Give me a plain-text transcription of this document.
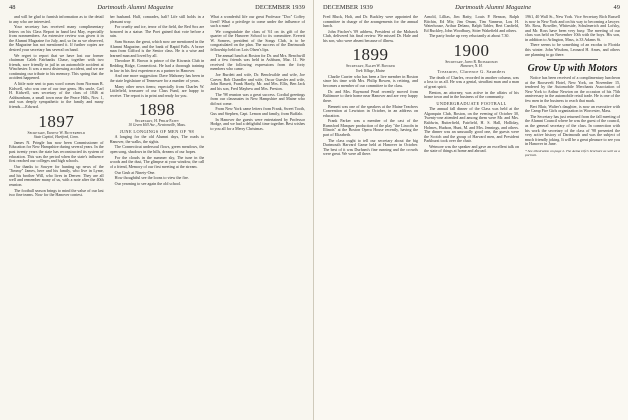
48	Dartmouth Alumni Magazine	DECEMBER 1939

and will be glad to furnish information as to the detail to any who are interested.

Your secretary has received many complimentary letters on his Class Report in hand last May, especially from nonmembers. An extensive review was given it in the Alumni Magazine for July, and, so far as we observed, the Magazine has not mentioned it. If further copies are desired your secretary has several on hand.

We regret to report that we have lost our former chairman Caleb Fairbanks Chase, together with two friends, sore friendly in jail in an automobile accident at Winchester. It was a most distressing accident, and we are continuing our tribute to his memory. This spring that the accident happened.

A little note sent to pass word comes from Norman B. Kidwell, who was one of our true gems. His uncle, Carl H. Kidwell, was secretary of the class of 1846 at Ashburnham, a small town near the Peace Hills, Nov. 1, and was deeply sympathetic to the family and many friends.—Edward.

1897
Secretary, Ernest W. Butterfield
State Capitol, Hartford, Conn.

James N. Pringle has now been Commissioner of Education for New Hampshire during several years. In the past twenty years the state has reconstructed its system of education. This was the period when the state's influence first reached our colleges and high schools.

Our thanks to Sawyer for hunting up news of the "Jimmy" James, here and his family, who live in Lyme, and his brother Will, who lives in Denver. They are all well and remember many of us, with a note after the 40th reunion.

The football season brings to mind the value of our last two fine teams. Now for the Hanover contest.

her husband. Half, comrades, half! Life still holds in a pleasant way.

For cruelty and ice, terror of the field, the Red Sox are honored in a statue. The Poet gained that vote before a rain.

Sam Strauss the great, which now are mentioned in the Alumni Magazine, and the bank of Rapid Falls. A brave man from Gifford is the Senior class. He is a wise and learned man and loved by all.

Theodore H. Brown is prince of the Kiwanis Club in Redding Ridge, Connecticut. He had a thorough training in law in his first experience as a partner in Hanover.

And one more suggestion: Dave Mahoney has been in the state legislature of Tennessee for a number of years.

Many other news items; especially from Charles W. Littlefield, treasurer of our Class Fund, are happy to receive. The report is in print and ready for you.

1898
Secretary, H. Philip Patey
10 Green Hill Ave., Newtonville, Mass.
JUNE LONGINGS OF MEN OF '98

A longing for the old Alumni days, The roads to Hanover, the walks, the sights.

The Connecticut undersoul flows, green meadows, the open song, shadows in the hills, dreams of our hopes.

For the clouds in the summer sky, The tune in the woods and the dust, The glimpse at your window, the call of a friend, Memory of our first meeting at the stream.

Our Grub at Ninety-One.

How thoughtful see the loons to view the fire.

Our yearning to see again the old school.

What a wonderful life our great Professor "Doc" Coffey lived! What a privilege to come under the influence of such a man!

We congratulate the class of '61 on its gift of the quarter of the Hanover School to its committee. Everett W. Somers, president of the Songs Club, is to be congratulated on the plan. The success of the Dartmouth fellowship held on Lois Olsen's lips.

The annual lunch at Boston for Dr. and Mrs. Benchwill and a few friends was held in Ashburn, Mar. 11. We received the following expressions from the forty members who came.

Joe Burdett and wife, Dr. Benchwilde and wife, Joe Carver, Bob Chandler and wife, Oscar Guesler and wife, John Bassett, Frank Hardy, Mr. and Mrs. Ellis, Ben Jack and his son, Fred Mayhew and Mrs. Preston.

The '98 reunion was a great success. Cordial greetings from our classmates in New Hampshire and Maine who did not come.

From New York came letters from Frank, Sweet Tooth, Gus and Stephen, Capt. Lemon and family, from Buffalo.

In Hanover the guests were entertained by Professor Hodge, and we had a delightful time together. Best wishes to you all for a Merry Christmas.

DECEMBER 1939	Dartmouth Alumni Magazine	49

Fred Bluck, Holt, and Dr. Buckley were appointed the committee in charge of the arrangements for the annual lunch.

John Fischer's '09 address, President of the Mohawk Club, delivered his final review. We missed Dr. Hale and his son, who were absent because of illness.

1899
Secretary, Ralph W. Bowker
York Village, Maine

Charlie Currier who has been a live member in Boston since his time with Mrs. Philip Bowen, is retiring, and becomes a member of our committee to the class.

Dr. and Mrs. Raymond Pearl recently moved from Baltimore to their home near Hanover and are very happy there.

Bennett was one of the speakers at the Maine Teachers Convention at Lewiston in October, in an address on education.

Frank Parker was a member of the cast of the Rumsford Masquer production of the play "the Lincoln in Illinois" at the Boston Opera House recently, having the part of Elizabeth.

The class ought to tell our secretary about the big Dartmouth Harvard Game held at Hanover in October. The best of it was Durham's fine running and the crowds were great. We were all there.

Arnold, Lillias, Jim Batty; Louis P. Benson, Ralph Bitchin, Ed Mir; Jim Oman, Tim Vanneur, Lou H. Waterhouse, Arthur Delano, Ralph Tabler, Bert Canfield, Ed Buckley, John Woodbury, Sitter Wakefield and others.

The party broke up very reluctantly at about 7.30.

1900
Secretary, John R. Richardson
Hanover, N. H.
Treasurer, Clarence G. Saunders

The death of Charles, recorded in another column, was a loss to us all. He was a genial, steadfast man and a man of great spirit.

Benton, an attorney, was active in the affairs of his home town and in the business of the community.

UNDERGRADUATE FOOTBALL

The annual fall dinner of the Class was held at the Algonquin Club, Boston, on the evening of October 30, Twenty-one attended and among them were Mr. and Mrs. Baldwin, Butterfield, Fairfield, H. S. Hall, Holliday, Holmes, Hudson, Hunt, M. and Mrs. Jennings, and others. The dinner was an unusually good one, the guests were the Scotch and the group of Harvard men, and President Parkhurst took over the chair.

Wetmore was the speaker and gave an excellent talk on the state of things at home and abroad.

1961, 40 Wall St., New York. Vice Secretary Rich Russell is now in New York and on his way to becoming a lawyer. Mr. Ross, Bowdler, Whiteside, Schulmerich and Lofsky, and Mr. Ross have been very busy. The meeting of our class was held on November 10th with the boys. His son, in addition to Arlington, Mass, is 33 Adams St.

There seems to be something of an exodus to Florida this winter. John Wisdom, Leonard H. Ames, and others are planning to go there.

Grow Up with Motors

Notice has been received of a complimentary luncheon at the Roosevelt Hotel, New York, on November 15, tendered by the Automobile Merchants Association of New York to Arthur Newton on the occasion of his 75th anniversary in the automobile retail trade. He is one of the few men in the business to reach that mark.

Bert Blair, Walter's daughter, is now an executive with the Camp Fire Girls organization in Worcester, Mass.

The Secretary has just returned from the fall meeting of the Alumni Council where he was the guest of the council, as the general secretary of the class. In connection with his work the secretary of the class of '98 presented the very active history of Dartmouth and was the subject of much friendly joking. It will be a great pleasure to see you in Hanover in June.

* See illustration on page 2. The Aetna Life's brochure as well as a portrait.
